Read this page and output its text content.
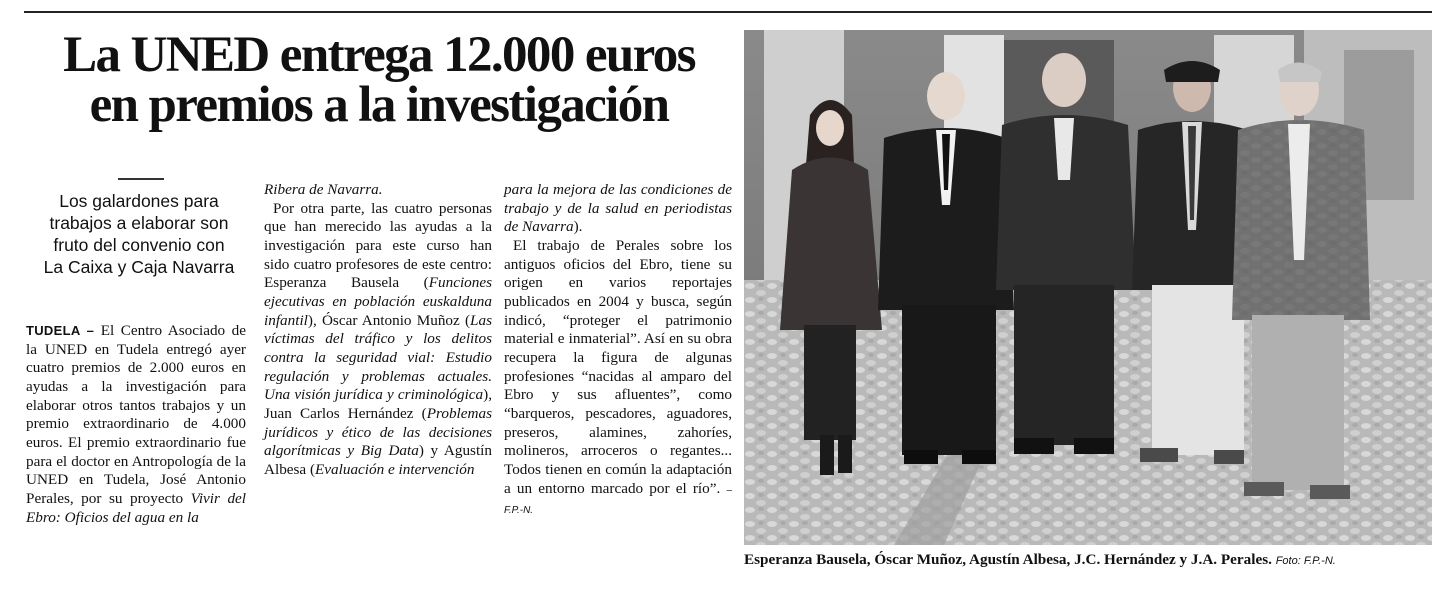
La UNED entrega 12.000 euros
en premios a la investigación
Los galardones para
trabajos a elaborar son
fruto del convenio con
La Caixa y Caja Navarra

TUDELA – El Centro Asociado de la UNED en Tudela entregó ayer cuatro premios de 2.000 euros en ayudas a la investigación para elaborar otros tantos trabajos y un premio extraordinario de 4.000 euros. El premio extraordinario fue para el doctor en Antropología de la UNED en Tudela, José Antonio Perales, por su proyecto Vivir del Ebro: Oficios del agua en la

Ribera de Navarra.

Por otra parte, las cuatro personas que han merecido las ayudas a la investigación para este curso han sido cuatro profesores de este centro: Esperanza Bausela (Funciones ejecutivas en población euskalduna infantil), Óscar Antonio Muñoz (Las víctimas del tráfico y los delitos contra la seguridad vial: Estudio regulación y problemas actuales. Una visión jurídica y criminológica), Juan Carlos Hernández (Problemas jurídicos y ético de las decisiones algorítmicas y Big Data) y Agustín Albesa (Evaluación e intervención

para la mejora de las condiciones de trabajo y de la salud en periodistas de Navarra).

El trabajo de Perales sobre los antiguos oficios del Ebro, tiene su origen en varios reportajes publicados en 2004 y busca, según indicó, “proteger el patrimonio material e inmaterial”. Así en su obra recupera la figura de algunas profesiones “nacidas al amparo del Ebro y sus afluentes”, como “barqueros, pescadores, aguadores, preseros, alamines, zahoríes, molineros, arroceros o regantes... Todos tienen en común la adaptación a un entorno marcado por el río”. – F.P.-N.

Esperanza Bausela, Óscar Muñoz, Agustín Albesa, J.C. Hernández y J.A. Perales. Foto: F.P.-N.
